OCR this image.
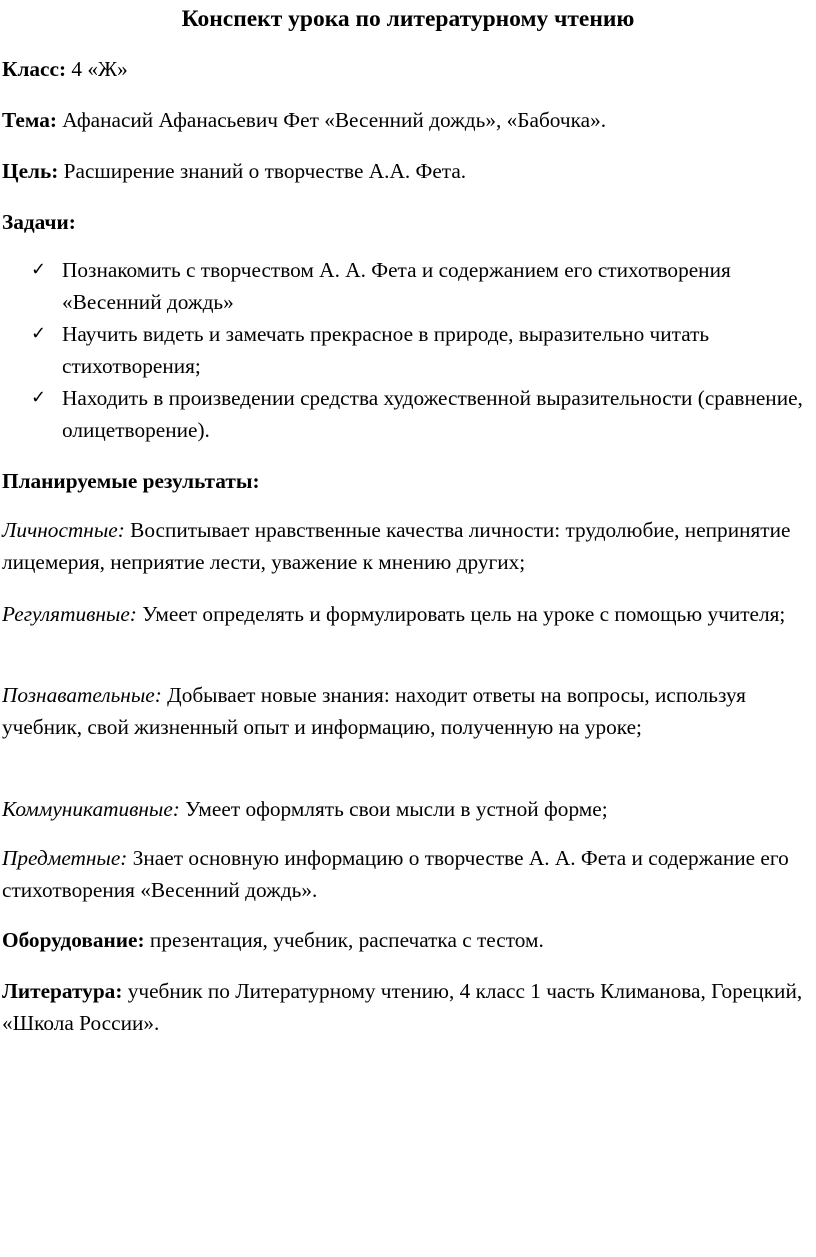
Конспект урока по литературному чтению
Класс: 4 «Ж»
Тема: Афанасий Афанасьевич Фет «Весенний дождь», «Бабочка».
Цель: Расширение знаний о творчестве А.А. Фета.
Задачи:
✓ Познакомить с творчеством А. А. Фета и содержанием его стихотворения «Весенний дождь»
✓ Научить видеть и замечать прекрасное в природе, выразительно читать стихотворения;
✓ Находить в произведении средства художественной выразительности (сравнение, олицетворение).
Планируемые результаты:
Личностные: Воспитывает нравственные качества личности: трудолюбие, непринятие лицемерия, неприятие лести, уважение к мнению других;
Регулятивные: Умеет определять и формулировать цель на уроке с помощью учителя;
Познавательные: Добывает новые знания: находит ответы на вопросы, используя учебник, свой жизненный опыт и информацию, полученную на уроке;
Коммуникативные: Умеет оформлять свои мысли в устной форме;
Предметные: Знает основную информацию о творчестве А. А. Фета и содержание его стихотворения «Весенний дождь».
Оборудование: презентация, учебник, распечатка с тестом.
Литература: учебник по Литературному чтению, 4 класс 1 часть Климанова, Горецкий, «Школа России».
